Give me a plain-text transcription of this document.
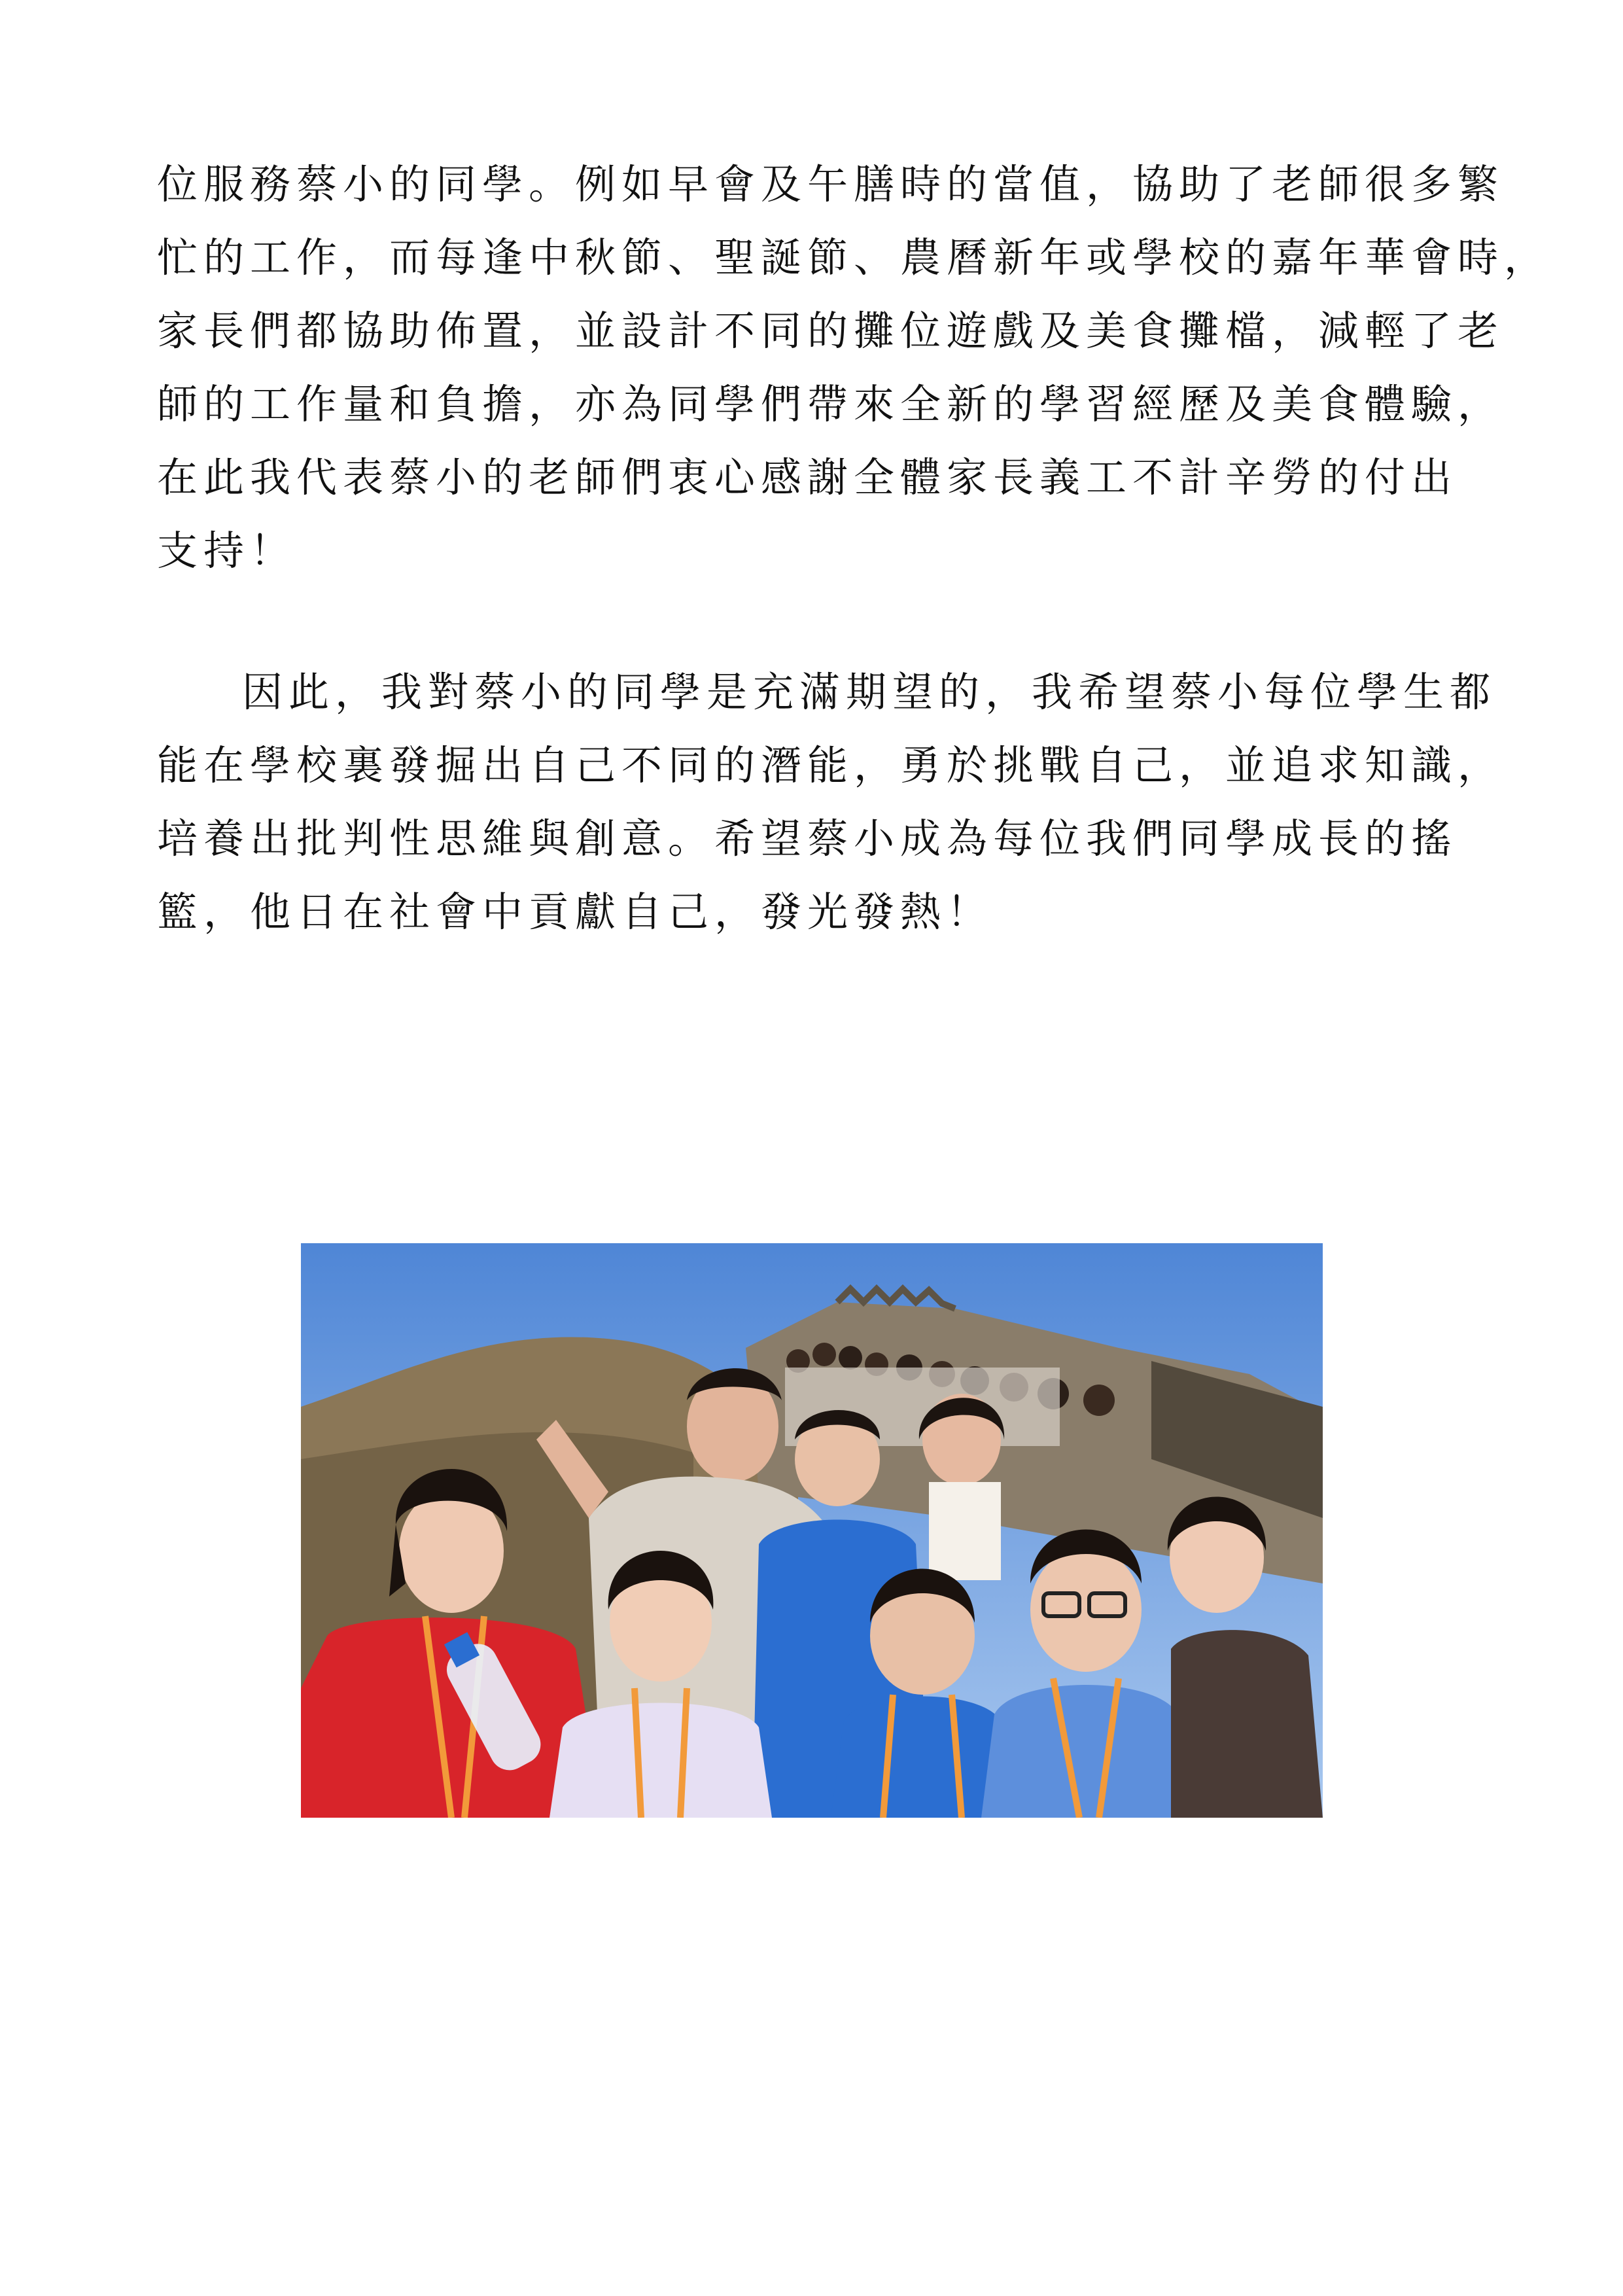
位服務蔡小的同學。例如早會及午膳時的當值，協助了老師很多繁
忙的工作，而每逢中秋節、聖誕節、農曆新年或學校的嘉年華會時，
家長們都協助佈置，並設計不同的攤位遊戲及美食攤檔，減輕了老
師的工作量和負擔，亦為同學們帶來全新的學習經歷及美食體驗，
在此我代表蔡小的老師們衷心感謝全體家長義工不計辛勞的付出
支持！

因此，我對蔡小的同學是充滿期望的，我希望蔡小每位學生都
能在學校裏發掘出自己不同的潛能，勇於挑戰自己，並追求知識，
培養出批判性思維與創意。希望蔡小成為每位我們同學成長的搖
籃，他日在社會中貢獻自己，發光發熱！
